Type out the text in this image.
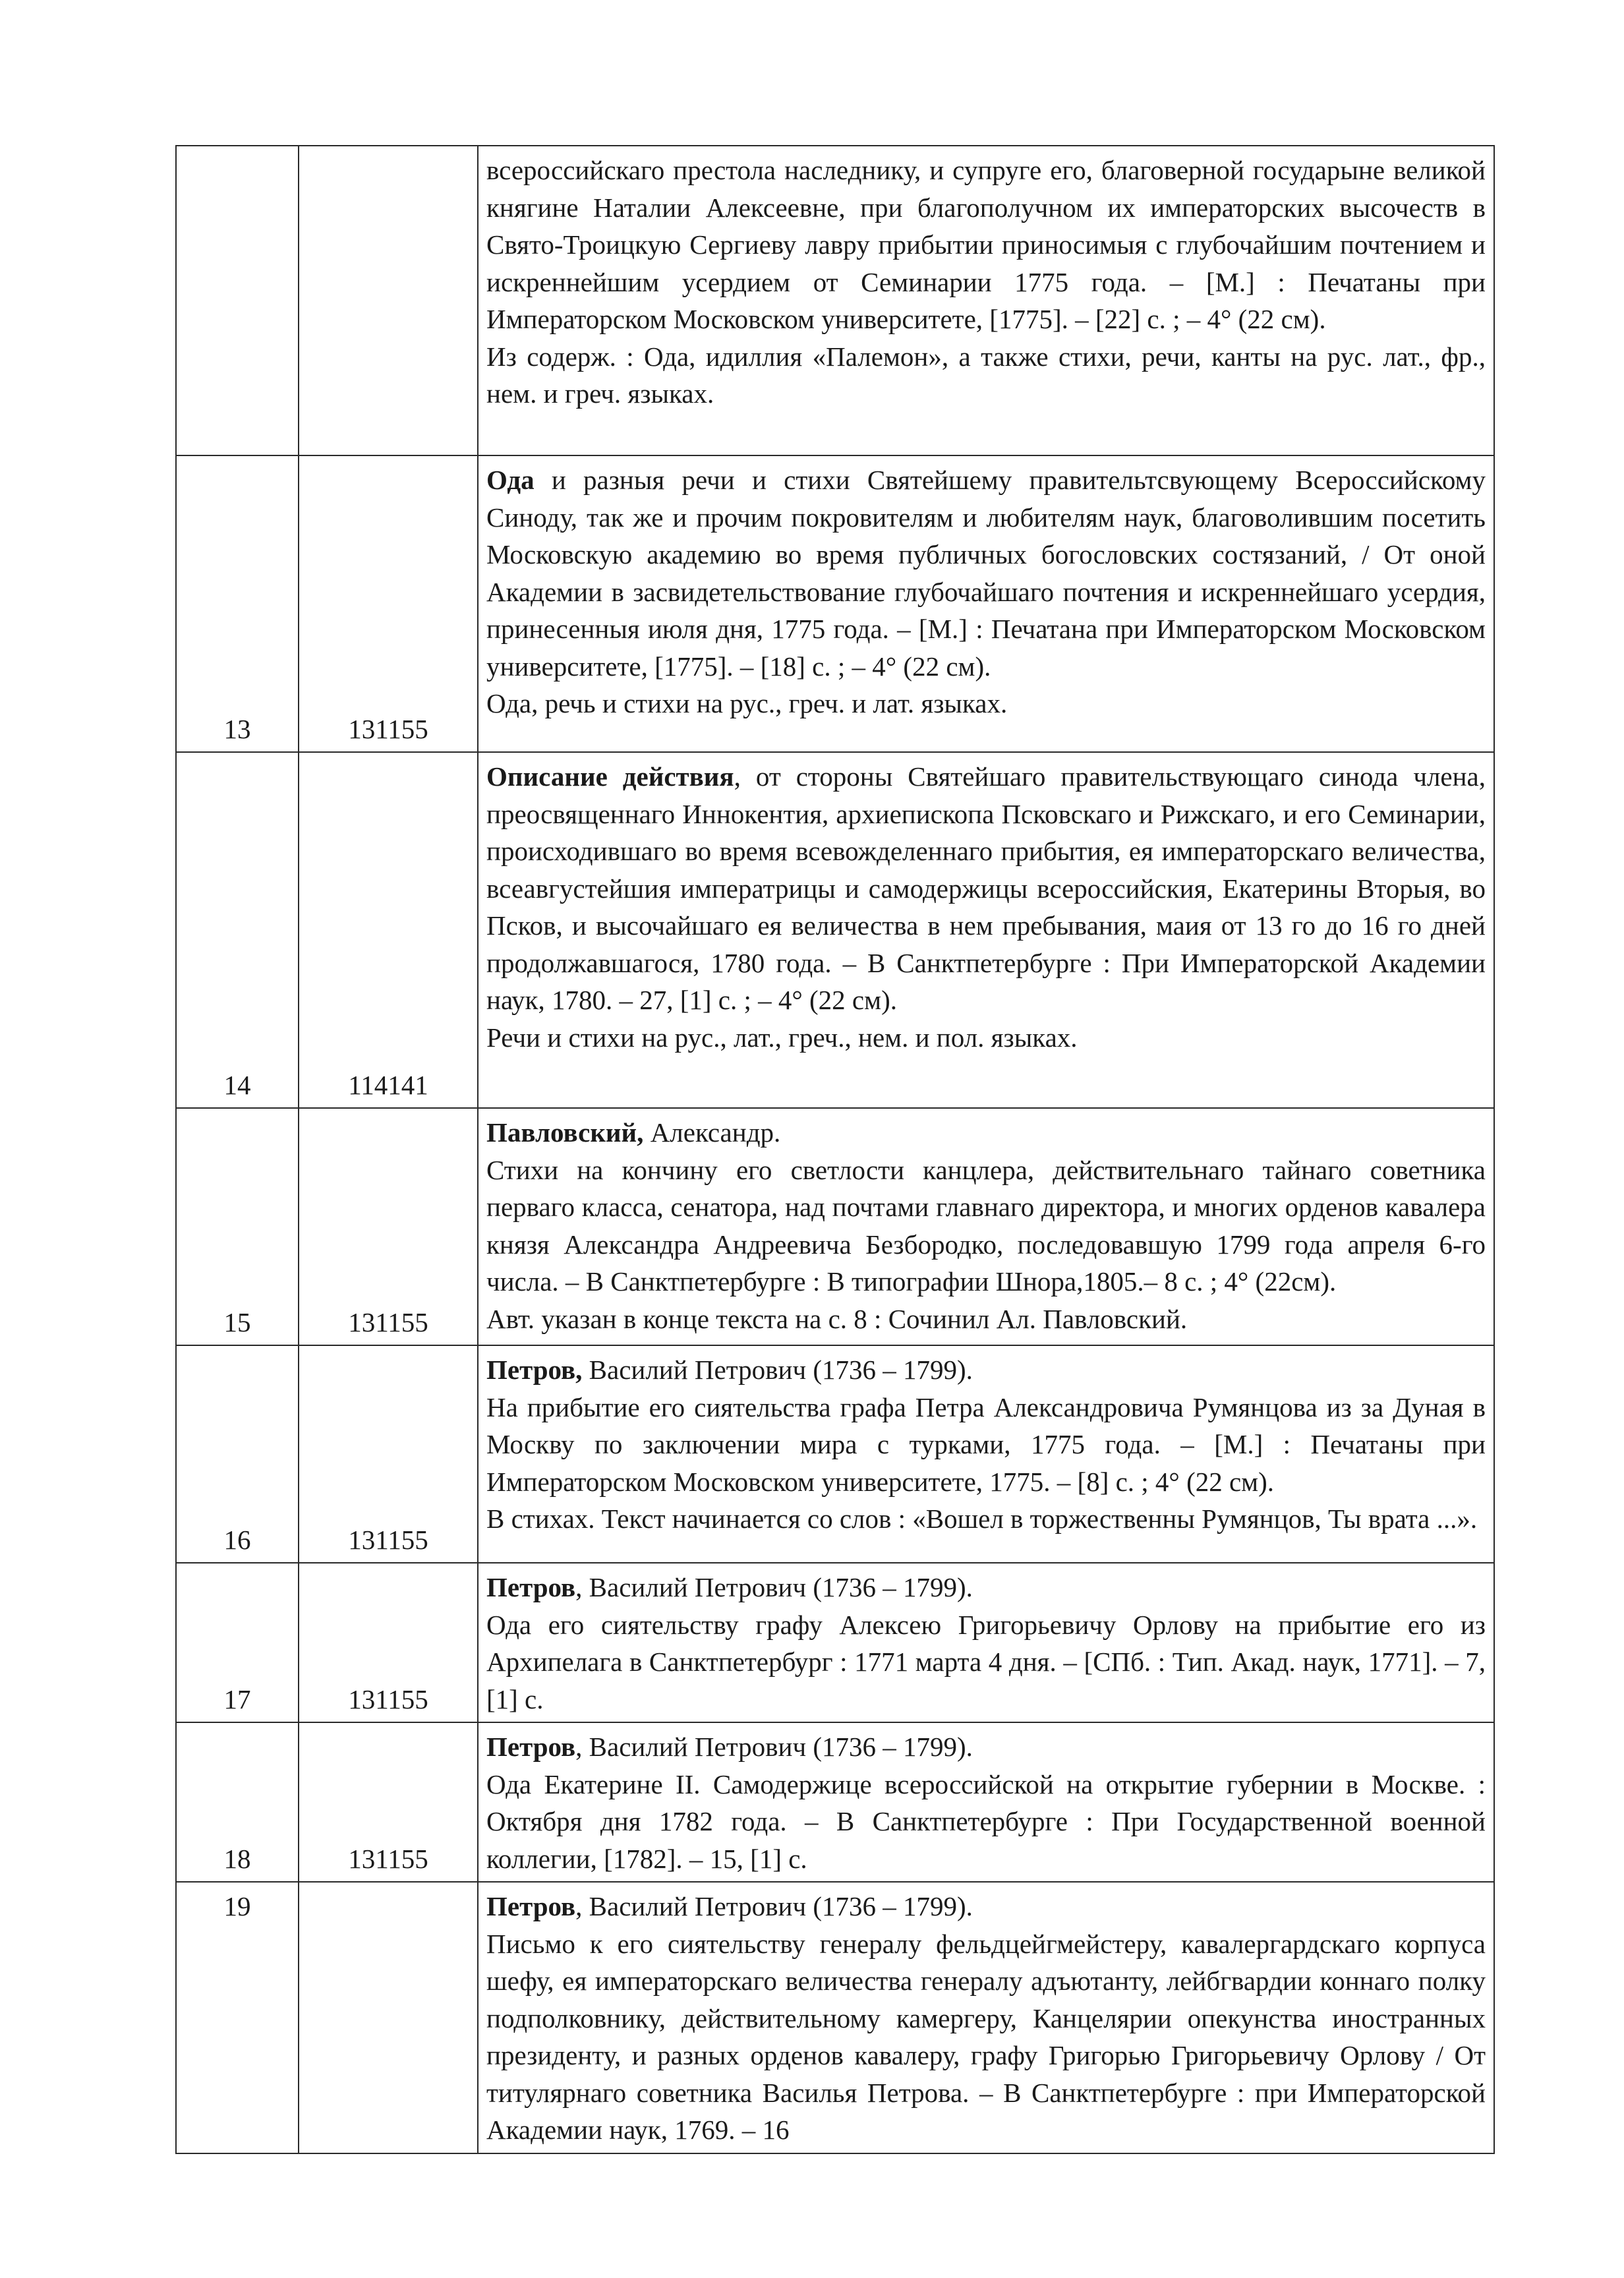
		всероссийскаго престола наследнику, и супруге его, благоверной государыне великой княгине Наталии Алексеевне, при благополучном их императорских высочеств в Свято-Троицкую Сергиеву лавру прибытии приносимыя с глубочайшим почтением и искреннейшим усердием от Семинарии 1775 года. – [М.] : Печатаны при Императорском Московском университете, [1775]. – [22] с. ; – 4° (22 см).
Из содерж. : Ода, идиллия «Палемон», а также стихи, речи, канты на рус. лат., фр., нем. и греч. языках.

13	131155	Ода и разныя речи и стихи Святейшему правительтсвующему Всероссийскому Синоду, так же и прочим покровителям и любителям наук, благоволившим посетить Московскую академию во время публичных богословских состязаний, / От оной Академии в засвидетельствование глубочайшаго почтения и искреннейшаго усердия, принесенныя июля дня, 1775 года. – [М.] : Печатана при Императорском Московском университете, [1775]. – [18] с. ; – 4° (22 см).
Ода, речь и стихи на рус., греч. и лат. языках.

14	114141	Описание действия, от стороны Святейшаго правительствующаго синода члена, преосвященнаго Иннокентия, архиепископа Псковскаго и Рижскаго, и его Семинарии, происходившаго во время всевожделеннаго прибытия, ея императорскаго величества, всеавгустейшия императрицы и самодержицы всероссийския, Екатерины Вторыя, во Псков, и высочайшаго ея величества в нем пребывания, маия от 13 го до 16 го дней продолжавшагося, 1780 года. – В Санктпетербурге : При Императорской Академии наук, 1780. – 27, [1] с. ; – 4° (22 см).
Речи и стихи на рус., лат., греч., нем. и пол. языках.

15	131155	Павловский, Александр.
Стихи на кончину его светлости канцлера, действительнаго тайнаго советника перваго класса, сенатора, над почтами главнаго директора, и многих орденов кавалера князя Александра Андреевича Безбородко, последовавшую 1799 года апреля 6-го числа. – В Санктпетербурге : В типографии Шнора,1805.– 8 с. ; 4° (22см).
Авт. указан в конце текста на с. 8 : Сочинил Ал. Павловский.

16	131155	Петров, Василий Петрович (1736 – 1799).
На прибытие его сиятельства графа Петра Александровича Румянцова из за Дуная в Москву по заключении мира с турками, 1775 года. – [М.] : Печатаны при Императорском Московском университете, 1775. – [8] с. ; 4° (22 см).
В стихах. Текст начинается со слов : «Вошел в торжественны Румянцов, Ты врата ...».

17	131155	Петров, Василий Петрович (1736 – 1799).
Ода его сиятельству графу Алексею Григорьевичу Орлову на прибытие его из Архипелага в Санктпетербург : 1771 марта 4 дня. – [СПб. : Тип. Акад. наук, 1771]. – 7, [1] с.

18	131155	Петров, Василий Петрович (1736 – 1799).
Ода Екатерине II. Самодержице всероссийской на открытие губернии в Москве. : Октября дня 1782 года. – В Санктпетербурге : При Государственной военной коллегии, [1782]. – 15, [1] с.

19		Петров, Василий Петрович (1736 – 1799).
Письмо к его сиятельству генералу фельдцейгмейстеру, кавалергардскаго корпуса шефу, ея императорскаго величества генералу адъютанту, лейбгвардии коннаго полку подполковнику, действительному камергеру, Канцелярии опекунства иностранных президенту, и разных орденов кавалеру, графу Григорью Григорьевичу Орлову / От титулярнаго советника Василья Петрова. – В Санктпетербурге : при Императорской Академии наук, 1769. – 16
